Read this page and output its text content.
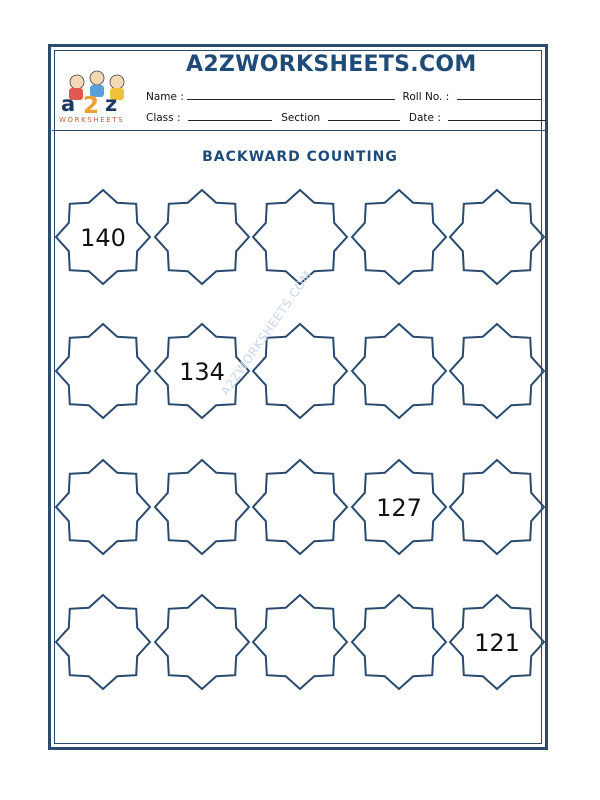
a 2 z
WORKSHEETS
A2ZWORKSHEETS.COM
Name :	Roll No. :
Class :	Section	Date :
BACKWARD COUNTING
140
134
127
121
A2ZWORKSHEETS.COM
